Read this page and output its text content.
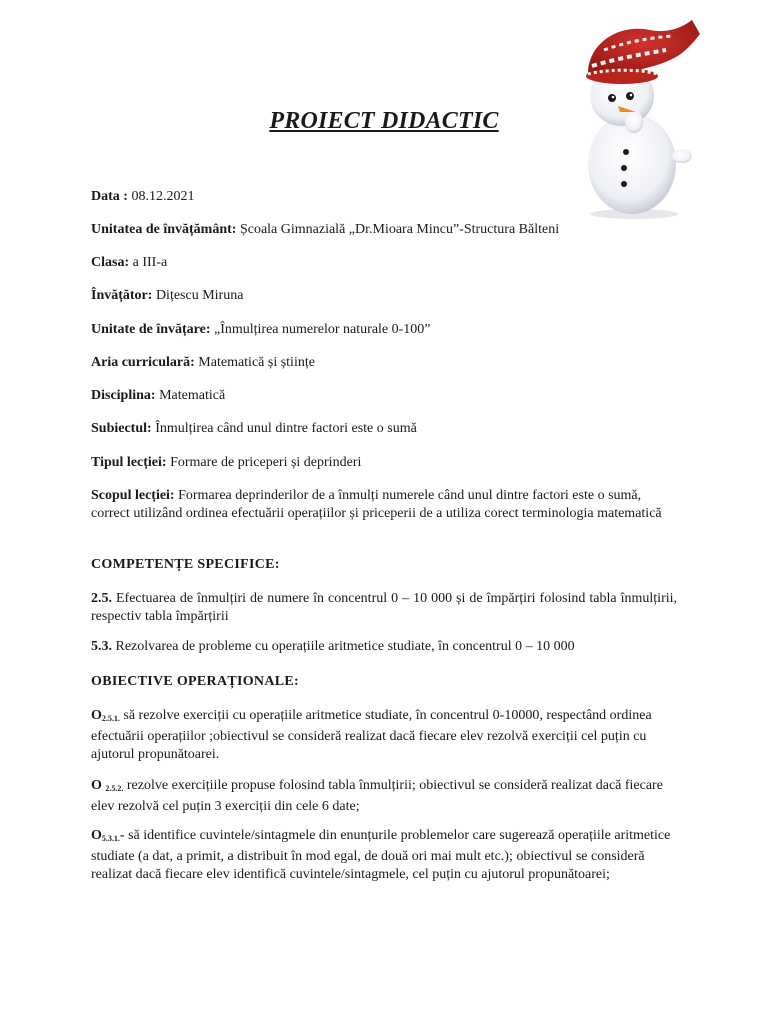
PROIECT DIDACTIC
Data : 08.12.2021
Unitatea de învățământ: Școala Gimnazială „Dr.Mioara Mincu”-Structura Bălteni
Clasa: a III-a
Învățător: Dițescu Miruna
Unitate de învățare: „Înmulțirea numerelor naturale 0-100”
Aria curriculară: Matematică și științe
Disciplina: Matematică
Subiectul: Înmulțirea când unul dintre factori este o sumă
Tipul lecției: Formare de priceperi și deprinderi
Scopul lecției: Formarea deprinderilor de a înmulți numerele când unul dintre factori este o sumă, correct utilizând ordinea efectuării operațiilor și priceperii de a utiliza corect terminologia matematică
COMPETENȚE SPECIFICE:
2.5. Efectuarea de înmulțiri de numere în concentrul 0 – 10 000 și de împărțiri folosind tabla înmulțirii, respectiv tabla împărțirii
5.3. Rezolvarea de probleme cu operațiile aritmetice studiate, în concentrul 0 – 10 000
OBIECTIVE OPERAȚIONALE:
$O_{2.5.1.}$ să rezolve exerciții cu operațiile aritmetice studiate, în concentrul 0-10000, respectând ordinea efectuării operațiilor ;obiectivul se consideră realizat dacă fiecare elev rezolvă exerciții cel puțin cu ajutorul propunătoarei.
O $_{2.5.2.}$ rezolve exercițiile propuse folosind tabla înmulțirii; obiectivul se consideră realizat dacă fiecare elev rezolvă cel puțin 3 exerciții din cele 6 date;
$O_{5.3.1.}-$ să identifice cuvintele/sintagmele din enunțurile problemelor care sugerează operațiile aritmetice studiate (a dat, a primit, a distribuit în mod egal, de două ori mai mult etc.); obiectivul se consideră realizat dacă fiecare elev identifică cuvintele/sintagmele, cel puțin cu ajutorul propunătoarei;
